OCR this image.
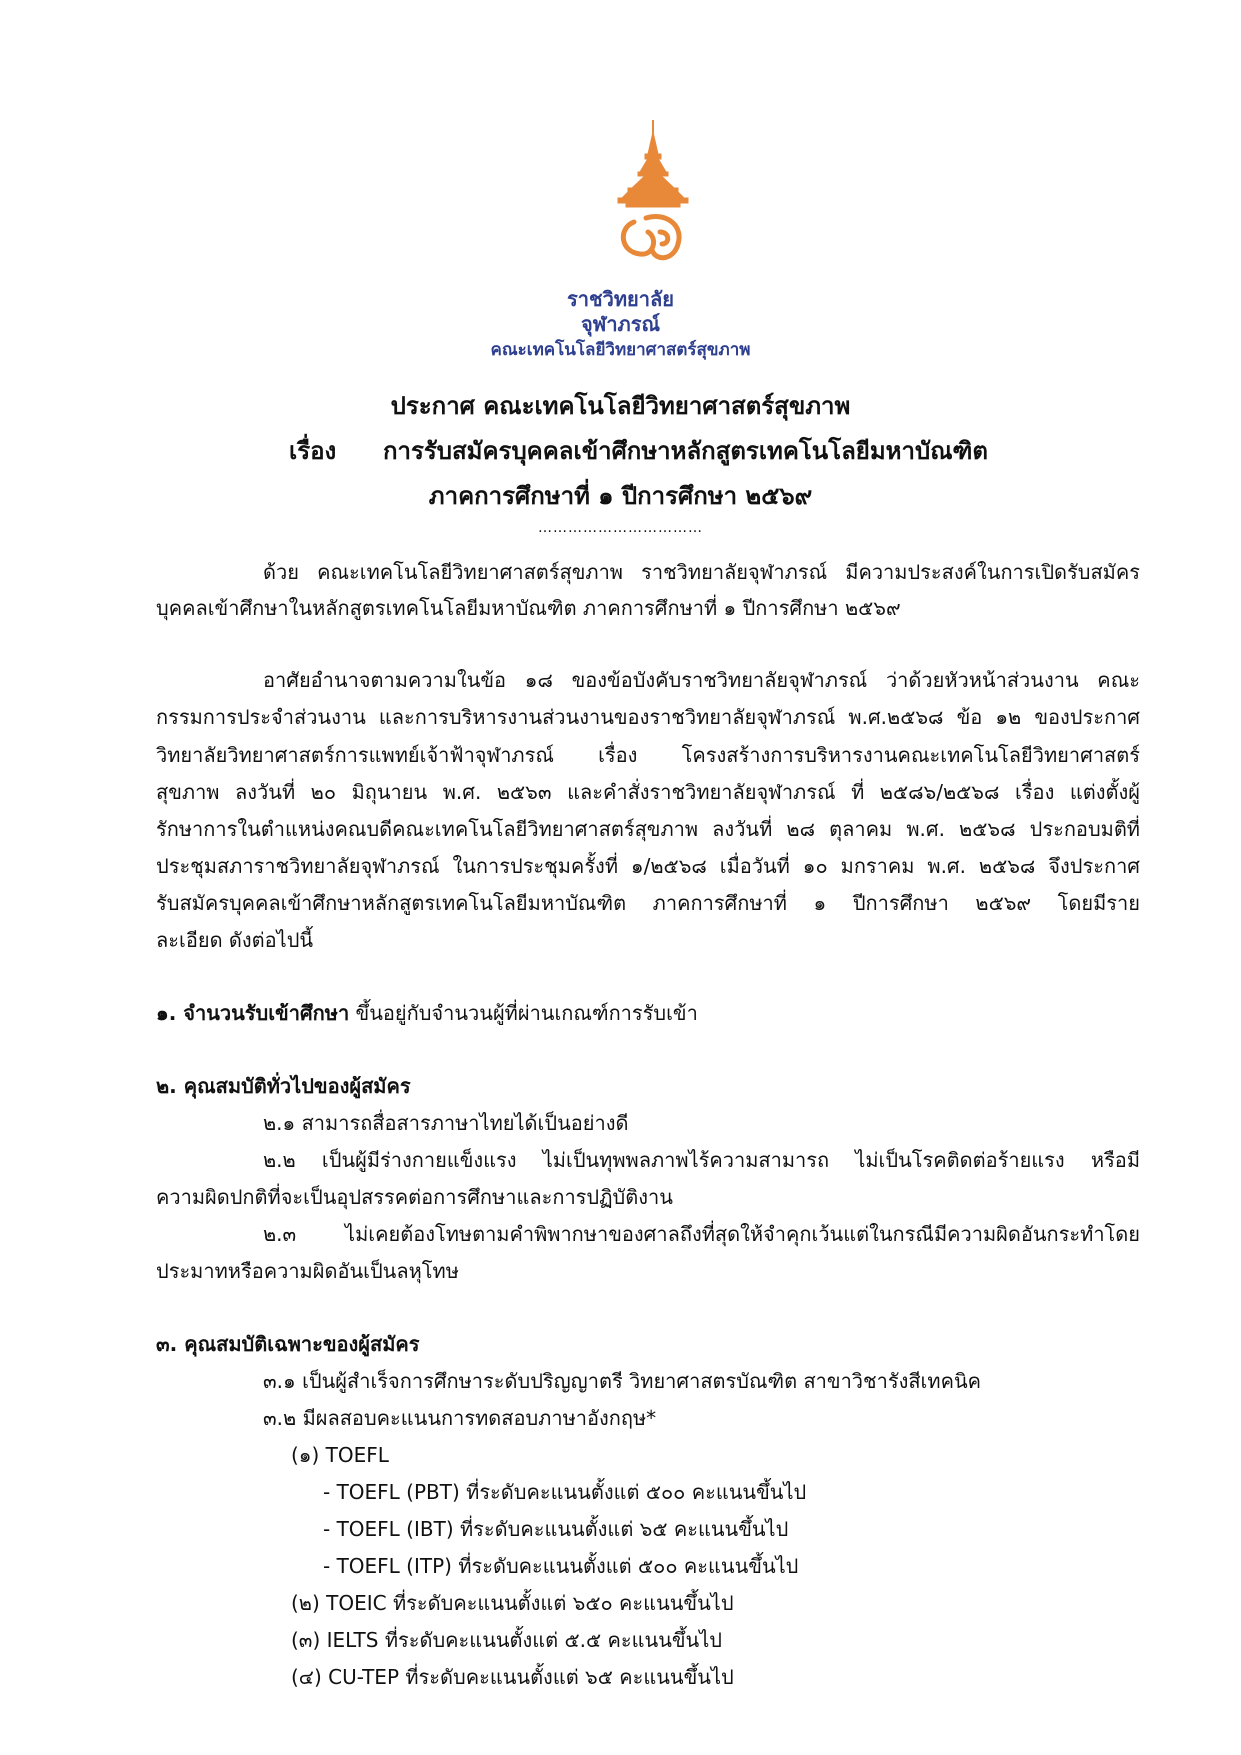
ราชวิทยาลัย
จุฬาภรณ์
คณะเทคโนโลยีวิทยาศาสตร์สุขภาพ
ประกาศ คณะเทคโนโลยีวิทยาศาสตร์สุขภาพ
เรื่อง การรับสมัครบุคคลเข้าศึกษาหลักสูตรเทคโนโลยีมหาบัณฑิต
ภาคการศึกษาที่ ๑ ปีการศึกษา ๒๕๖๙
……………………………
ด้วย คณะเทคโนโลยีวิทยาศาสตร์สุขภาพ ราชวิทยาลัยจุฬาภรณ์ มีความประสงค์ในการเปิดรับสมัคร
บุคคลเข้าศึกษาในหลักสูตรเทคโนโลยีมหาบัณฑิต ภาคการศึกษาที่ ๑ ปีการศึกษา ๒๕๖๙
อาศัยอำนาจตามความในข้อ ๑๘ ของข้อบังคับราชวิทยาลัยจุฬาภรณ์ ว่าด้วยหัวหน้าส่วนงาน คณะ
กรรมการประจำส่วนงาน และการบริหารงานส่วนงานของราชวิทยาลัยจุฬาภรณ์ พ.ศ.๒๕๖๘ ข้อ ๑๒ ของประกาศ
วิทยาลัยวิทยาศาสตร์การแพทย์เจ้าฟ้าจุฬาภรณ์ เรื่อง โครงสร้างการบริหารงานคณะเทคโนโลยีวิทยาศาสตร์
สุขภาพ ลงวันที่ ๒๐ มิถุนายน พ.ศ. ๒๕๖๓ และคำสั่งราชวิทยาลัยจุฬาภรณ์ ที่ ๒๕๘๖/๒๕๖๘ เรื่อง แต่งตั้งผู้
รักษาการในตำแหน่งคณบดีคณะเทคโนโลยีวิทยาศาสตร์สุขภาพ ลงวันที่ ๒๘ ตุลาคม พ.ศ. ๒๕๖๘ ประกอบมติที่
ประชุมสภาราชวิทยาลัยจุฬาภรณ์ ในการประชุมครั้งที่ ๑/๒๕๖๘ เมื่อวันที่ ๑๐ มกราคม พ.ศ. ๒๕๖๘ จึงประกาศ
รับสมัครบุคคลเข้าศึกษาหลักสูตรเทคโนโลยีมหาบัณฑิต ภาคการศึกษาที่ ๑ ปีการศึกษา ๒๕๖๙ โดยมีราย
ละเอียด ดังต่อไปนี้
๑. จำนวนรับเข้าศึกษา ขึ้นอยู่กับจำนวนผู้ที่ผ่านเกณฑ์การรับเข้า
๒. คุณสมบัติทั่วไปของผู้สมัคร
๒.๑ สามารถสื่อสารภาษาไทยได้เป็นอย่างดี
๒.๒ เป็นผู้มีร่างกายแข็งแรง ไม่เป็นทุพพลภาพไร้ความสามารถ ไม่เป็นโรคติดต่อร้ายแรง หรือมี
ความผิดปกติที่จะเป็นอุปสรรคต่อการศึกษาและการปฏิบัติงาน
๒.๓ ไม่เคยต้องโทษตามคำพิพากษาของศาลถึงที่สุดให้จำคุกเว้นแต่ในกรณีมีความผิดอันกระทำโดย
ประมาทหรือความผิดอันเป็นลหุโทษ
๓. คุณสมบัติเฉพาะของผู้สมัคร
๓.๑ เป็นผู้สำเร็จการศึกษาระดับปริญญาตรี วิทยาศาสตรบัณฑิต สาขาวิชารังสีเทคนิค
๓.๒ มีผลสอบคะแนนการทดสอบภาษาอังกฤษ*
(๑) TOEFL
- TOEFL (PBT) ที่ระดับคะแนนตั้งแต่ ๕๐๐ คะแนนขึ้นไป
- TOEFL (IBT) ที่ระดับคะแนนตั้งแต่ ๖๕ คะแนนขึ้นไป
- TOEFL (ITP) ที่ระดับคะแนนตั้งแต่ ๕๐๐ คะแนนขึ้นไป
(๒) TOEIC ที่ระดับคะแนนตั้งแต่ ๖๕๐ คะแนนขึ้นไป
(๓) IELTS ที่ระดับคะแนนตั้งแต่ ๕.๕ คะแนนขึ้นไป
(๔) CU-TEP ที่ระดับคะแนนตั้งแต่ ๖๕ คะแนนขึ้นไป
